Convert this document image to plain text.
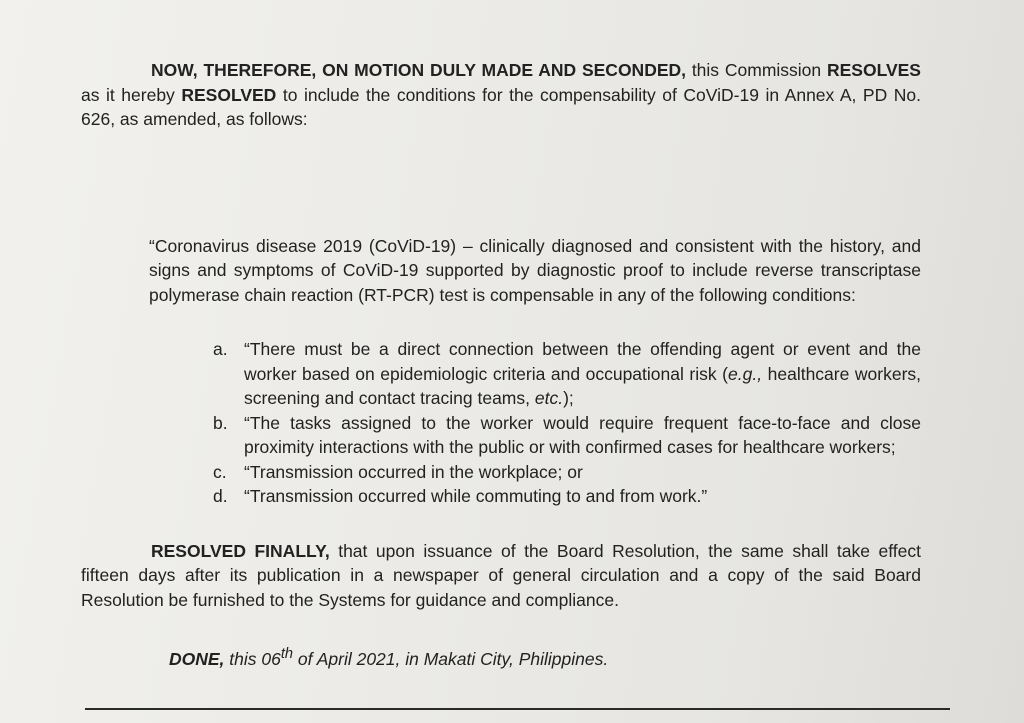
NOW, THEREFORE, ON MOTION DULY MADE AND SECONDED, this Commission RESOLVES as it hereby RESOLVED to include the conditions for the compensability of CoViD-19 in Annex A, PD No. 626, as amended, as follows:

“Coronavirus disease 2019 (CoViD-19) – clinically diagnosed and consistent with the history, and signs and symptoms of CoViD-19 supported by diagnostic proof to include reverse transcriptase polymerase chain reaction (RT-PCR) test is compensable in any of the following conditions:

a. “There must be a direct connection between the offending agent or event and the worker based on epidemiologic criteria and occupational risk (e.g., healthcare workers, screening and contact tracing teams, etc.);
b. “The tasks assigned to the worker would require frequent face-to-face and close proximity interactions with the public or with confirmed cases for healthcare workers;
c. “Transmission occurred in the workplace; or
d. “Transmission occurred while commuting to and from work.”

RESOLVED FINALLY, that upon issuance of the Board Resolution, the same shall take effect fifteen days after its publication in a newspaper of general circulation and a copy of the said Board Resolution be furnished to the Systems for guidance and compliance.

DONE, this 06th of April 2021, in Makati City, Philippines.
